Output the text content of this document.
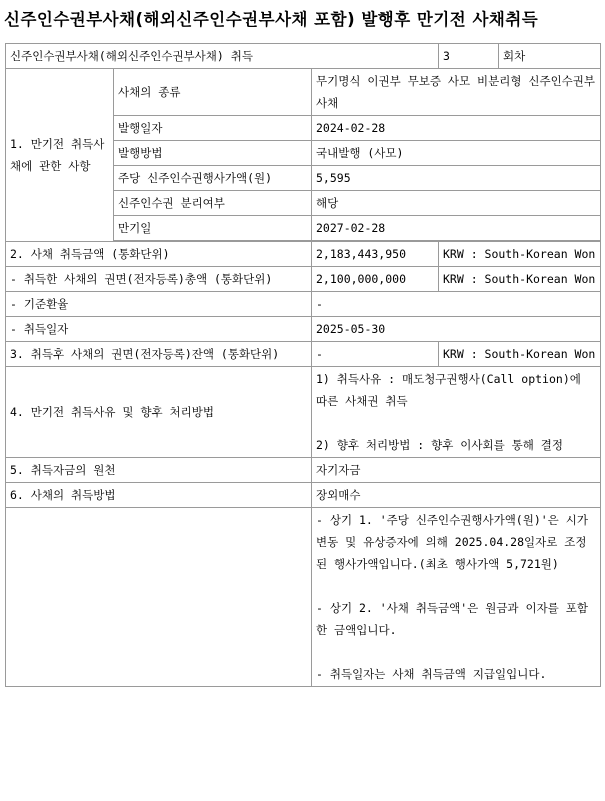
신주인수권부사채(해외신주인수권부사채 포함) 발행후 만기전 사채취득
신주인수권부사채(해외신주인수권부사채) 취득			3	회차
1. 만기전 취득사채에 관한 사항	사채의 종류	무기명식 이권부 무보증 사모 비분리형 신주인수권부사채		
	발행일자	2024-02-28		
	발행방법	국내발행 (사모)		
	주당 신주인수권행사가액(원)	5,595		
	신주인수권 분리여부	해당		
	만기일	2027-02-28		

2. 사채 취득금액 (통화단위)		2,183,443,950	KRW : South-Korean Won	
- 취득한 사채의 권면(전자등록)총액 (통화단위)		2,100,000,000	KRW : South-Korean Won	
- 기준환율		-		
- 취득일자		2025-05-30		
3. 취득후 사채의 권면(전자등록)잔액 (통화단위)		-	KRW : South-Korean Won	
4. 만기전 취득사유 및 향후 처리방법		1) 취득사유 : 매도청구권행사(Call option)에 따른 사채권 취득

2) 향후 처리방법 : 향후 이사회를 통해 결정		

5. 취득자금의 원천		자기자금		
6. 사채의 취득방법		장외매수		

		- 상기 1. '주당 신주인수권행사가액(원)'은 시가변동 및 유상증자에 의해 2025.04.28일자로 조정된 행사가액입니다.(최초 행사가액 5,721원)

- 상기 2. '사채 취득금액'은 원금과 이자를 포함한 금액입니다.

- 취득일자는 사채 취득금액 지급일입니다.		
